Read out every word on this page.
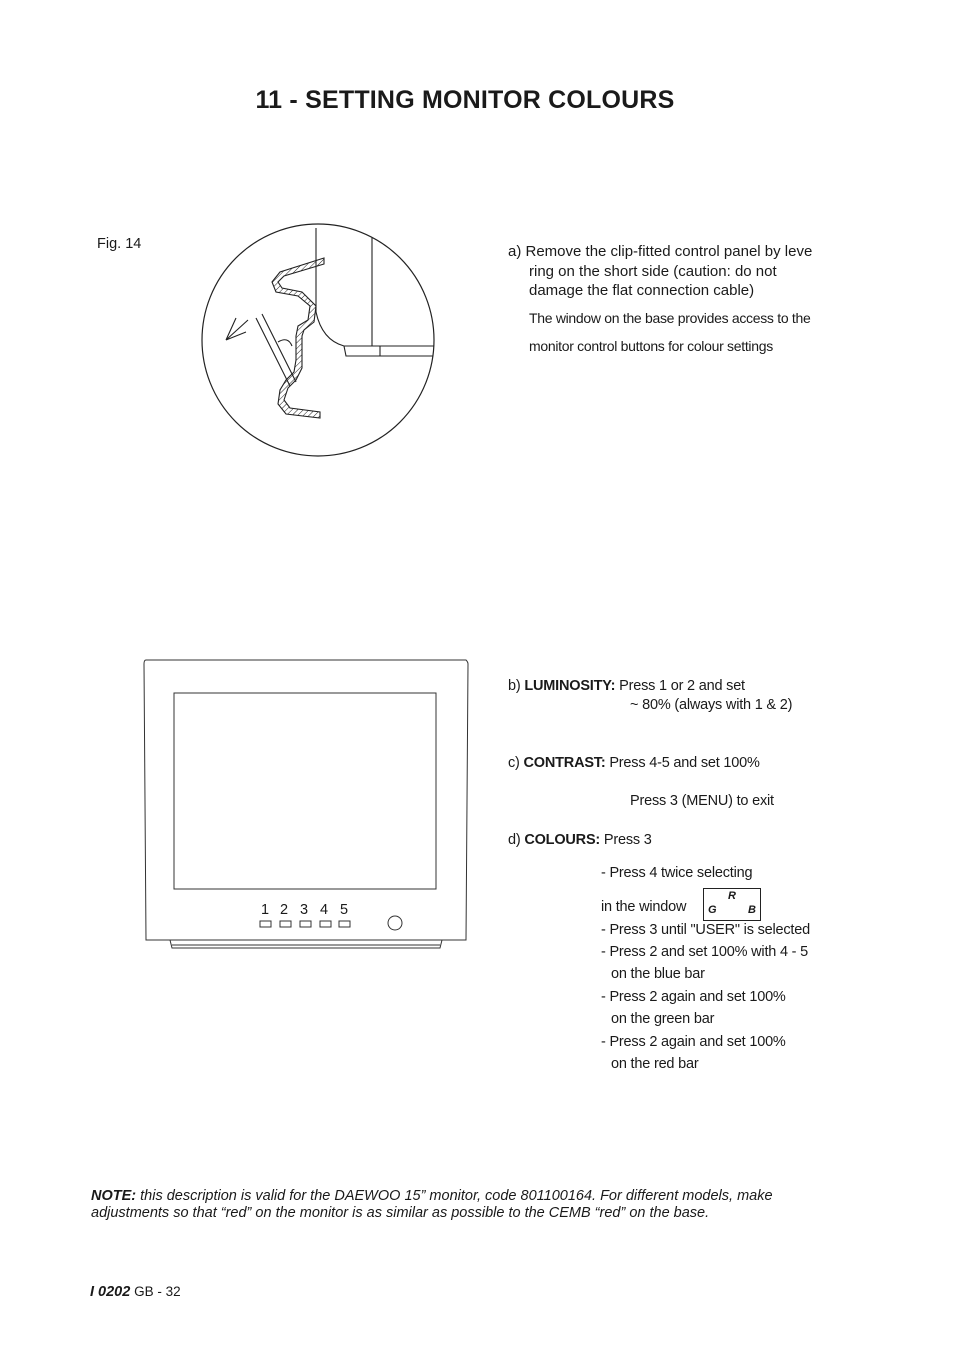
11 - SETTING MONITOR COLOURS
Fig. 14
1 2 3 4 5
a) Remove the clip-fitted control panel by leve
ring on the short side (caution: do not
damage the flat connection cable)
The window on the base provides access to the
monitor control buttons for colour settings
b) LUMINOSITY: Press 1 or 2 and set
~ 80% (always with 1 & 2)
c) CONTRAST: Press 4-5 and set 100%
Press 3 (MENU) to exit
d) COLOURS: Press 3
- Press 4 twice selecting
in the window
R
G	B
- Press 3 until "USER" is selected
- Press 2 and set 100% with 4 - 5
on the blue bar
- Press 2 again and set 100%
on the green bar
- Press 2 again and set 100%
on the red bar
NOTE: this description is valid for the DAEWOO 15” monitor, code 801100164. For different models, make adjustments so that “red” on the monitor is as similar as possible to the CEMB “red” on the base.
I 0202 GB - 32
